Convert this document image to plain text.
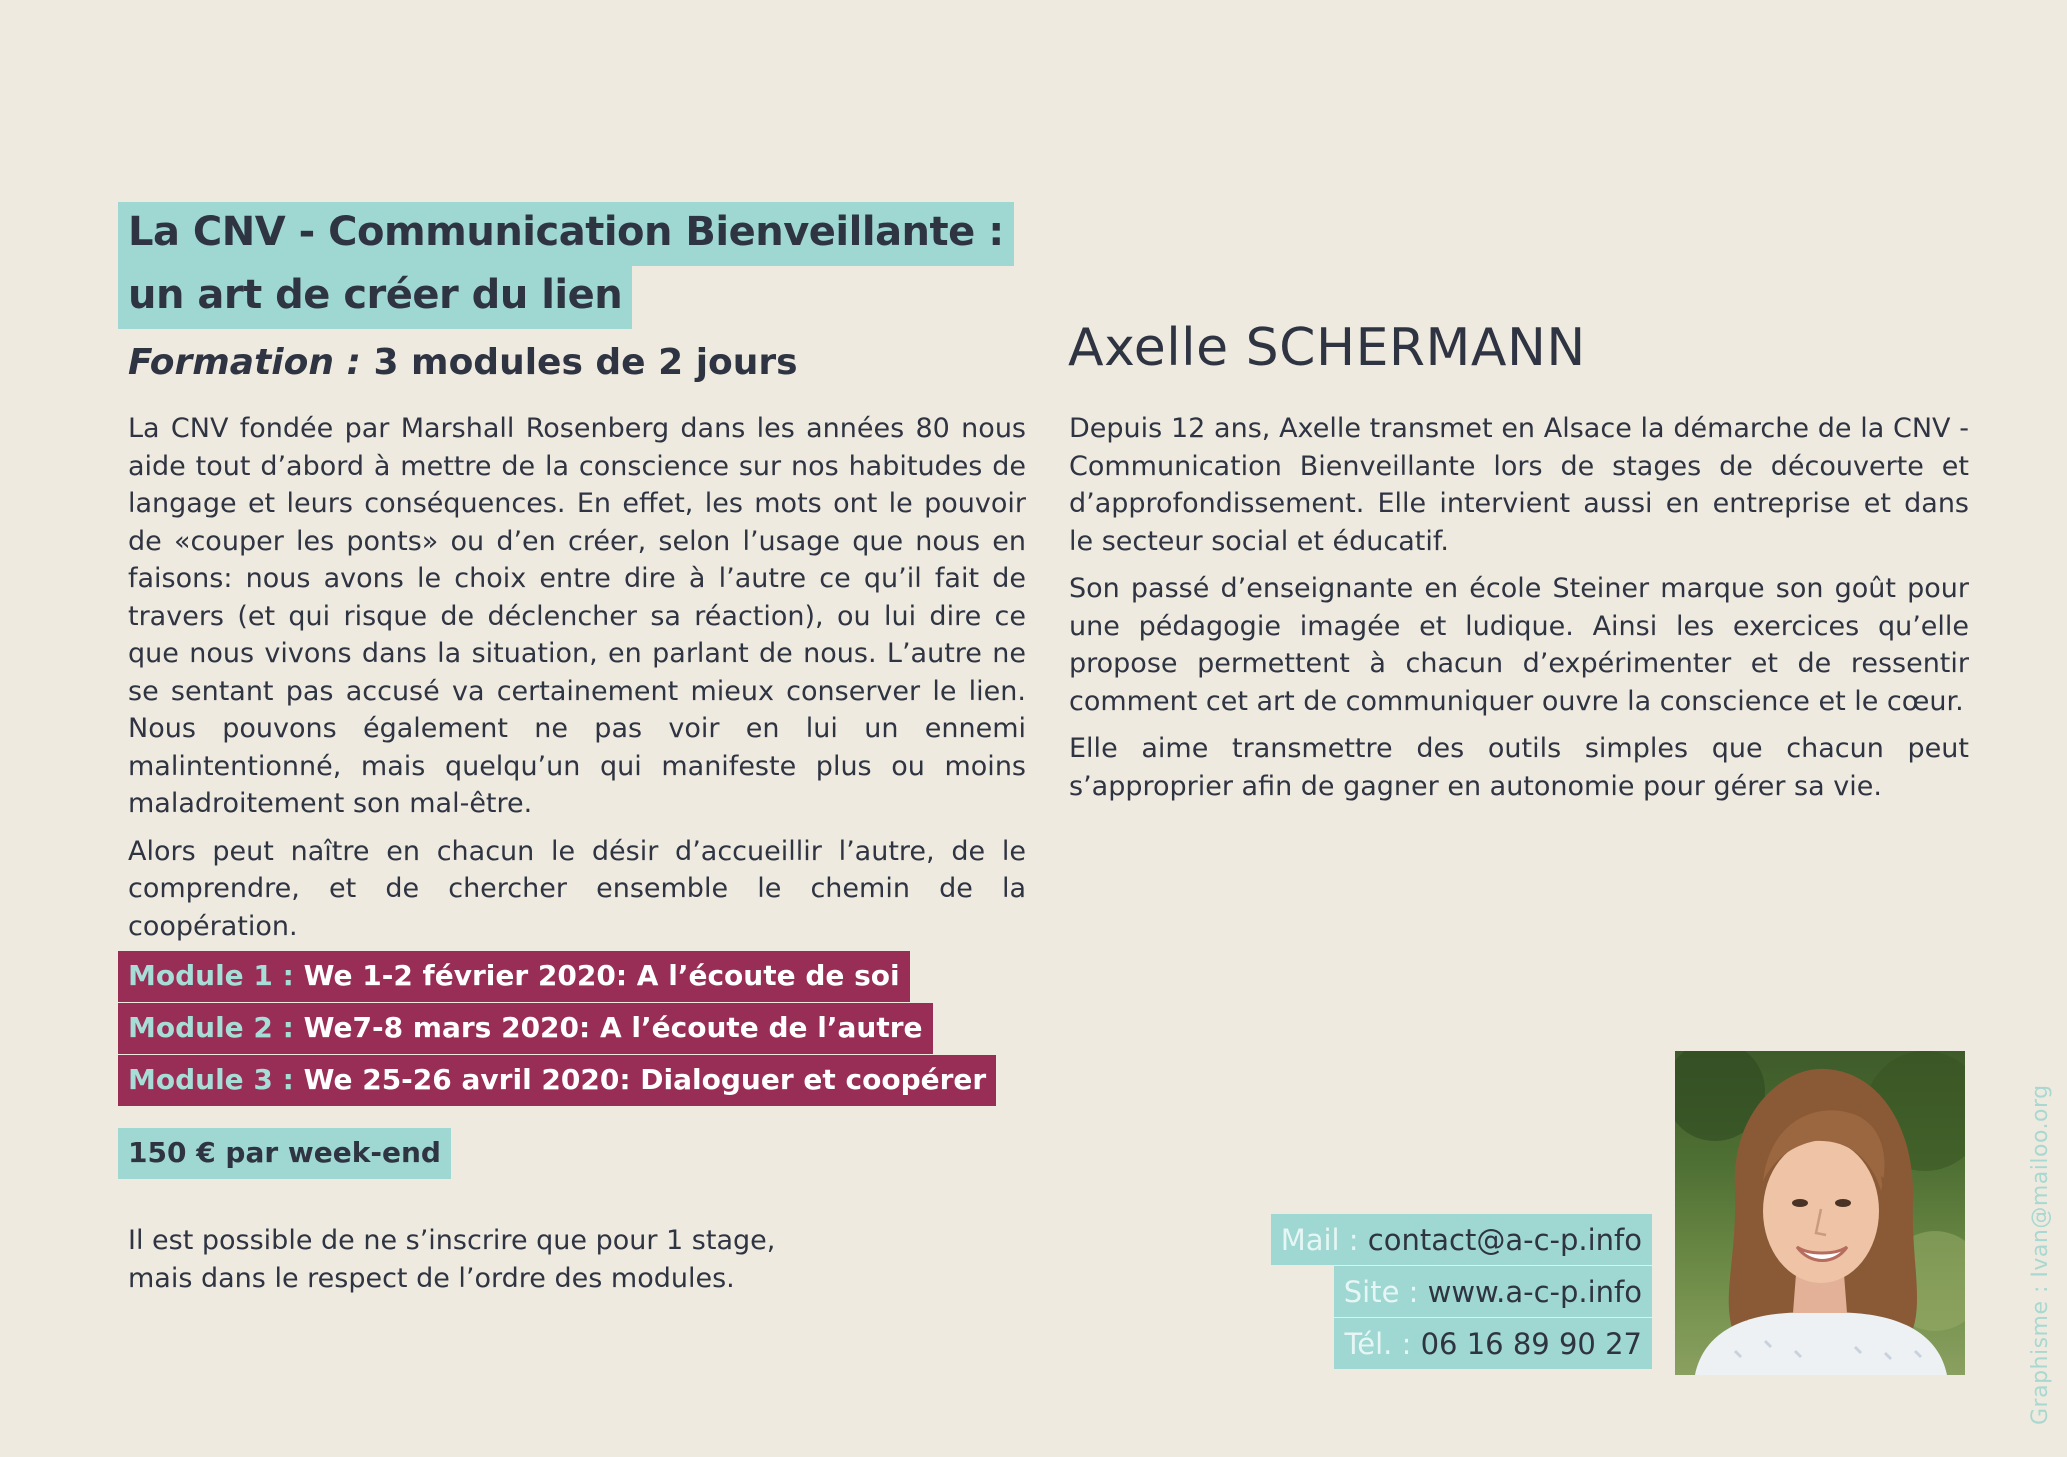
La CNV - Communication Bienveillante :
un art de créer du lien
Formation : 3 modules de 2 jours

La CNV fondée par Marshall Rosenberg dans les années 80 nous aide tout d’abord à mettre de la conscience sur nos habitudes de langage et leurs conséquences. En effet, les mots ont le pouvoir de «couper les ponts» ou d’en créer, selon l’usage que nous en faisons: nous avons le choix entre dire à l’autre ce qu’il fait de travers (et qui risque de déclencher sa réaction), ou lui dire ce que nous vivons dans la situation, en parlant de nous. L’autre ne se sentant pas accusé va certainement mieux conserver le lien. Nous pouvons également ne pas voir en lui un ennemi malintentionné, mais quelqu’un qui manifeste plus ou moins maladroitement son mal-être.

Alors peut naître en chacun le désir d’accueillir l’autre, de le comprendre, et de chercher ensemble le chemin de la coopération.

Module 1 : We 1-2 février 2020: A l’écoute de soi
Module 2 : We7-8 mars 2020: A l’écoute de l’autre
Module 3 : We 25-26 avril 2020: Dialoguer et coopérer
150 € par week-end
Il est possible de ne s’inscrire que pour 1 stage,
mais dans le respect de l’ordre des modules.
Axelle SCHERMANN

Depuis 12 ans, Axelle transmet en Alsace la démarche de la CNV - Communication Bienveillante lors de stages de découverte et d’approfondissement. Elle intervient aussi en entreprise et dans le secteur social et éducatif.

Son passé d’enseignante en école Steiner marque son goût pour une pédagogie imagée et ludique. Ainsi les exercices qu’elle propose permettent à chacun d’expérimenter et de ressentir comment cet art de communiquer ouvre la conscience et le cœur.

Elle aime transmettre des outils simples que chacun peut s’approprier afin de gagner en autonomie pour gérer sa vie.

Mail : contact@a-c-p.info
Site : www.a-c-p.info
Tél. : 06 16 89 90 27	Graphisme : Ivan@mailoo.org
